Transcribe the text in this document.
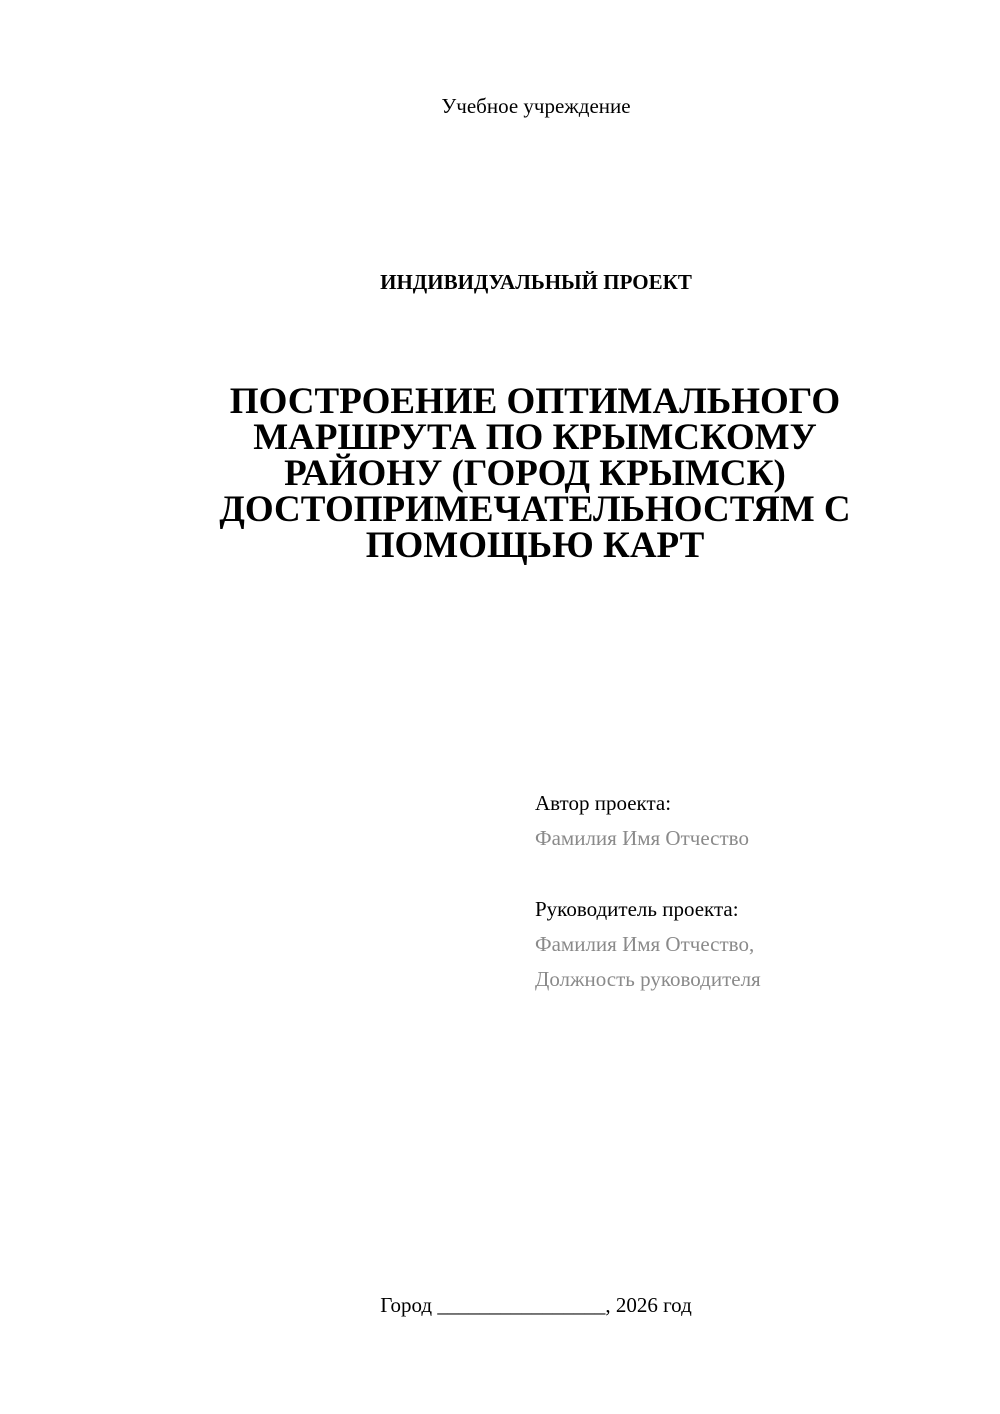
Учебное учреждение
ИНДИВИДУАЛЬНЫЙ ПРОЕКТ
ПОСТРОЕНИЕ ОПТИМАЛЬНОГО
МАРШРУТА ПО КРЫМСКОМУ
РАЙОНУ (ГОРОД КРЫМСК)
ДОСТОПРИМЕЧАТЕЛЬНОСТЯМ С
ПОМОЩЬЮ КАРТ
Автор проекта:
Фамилия Имя Отчество
Руководитель проекта:
Фамилия Имя Отчество,
Должность руководителя
Город ________________, 2026 год
